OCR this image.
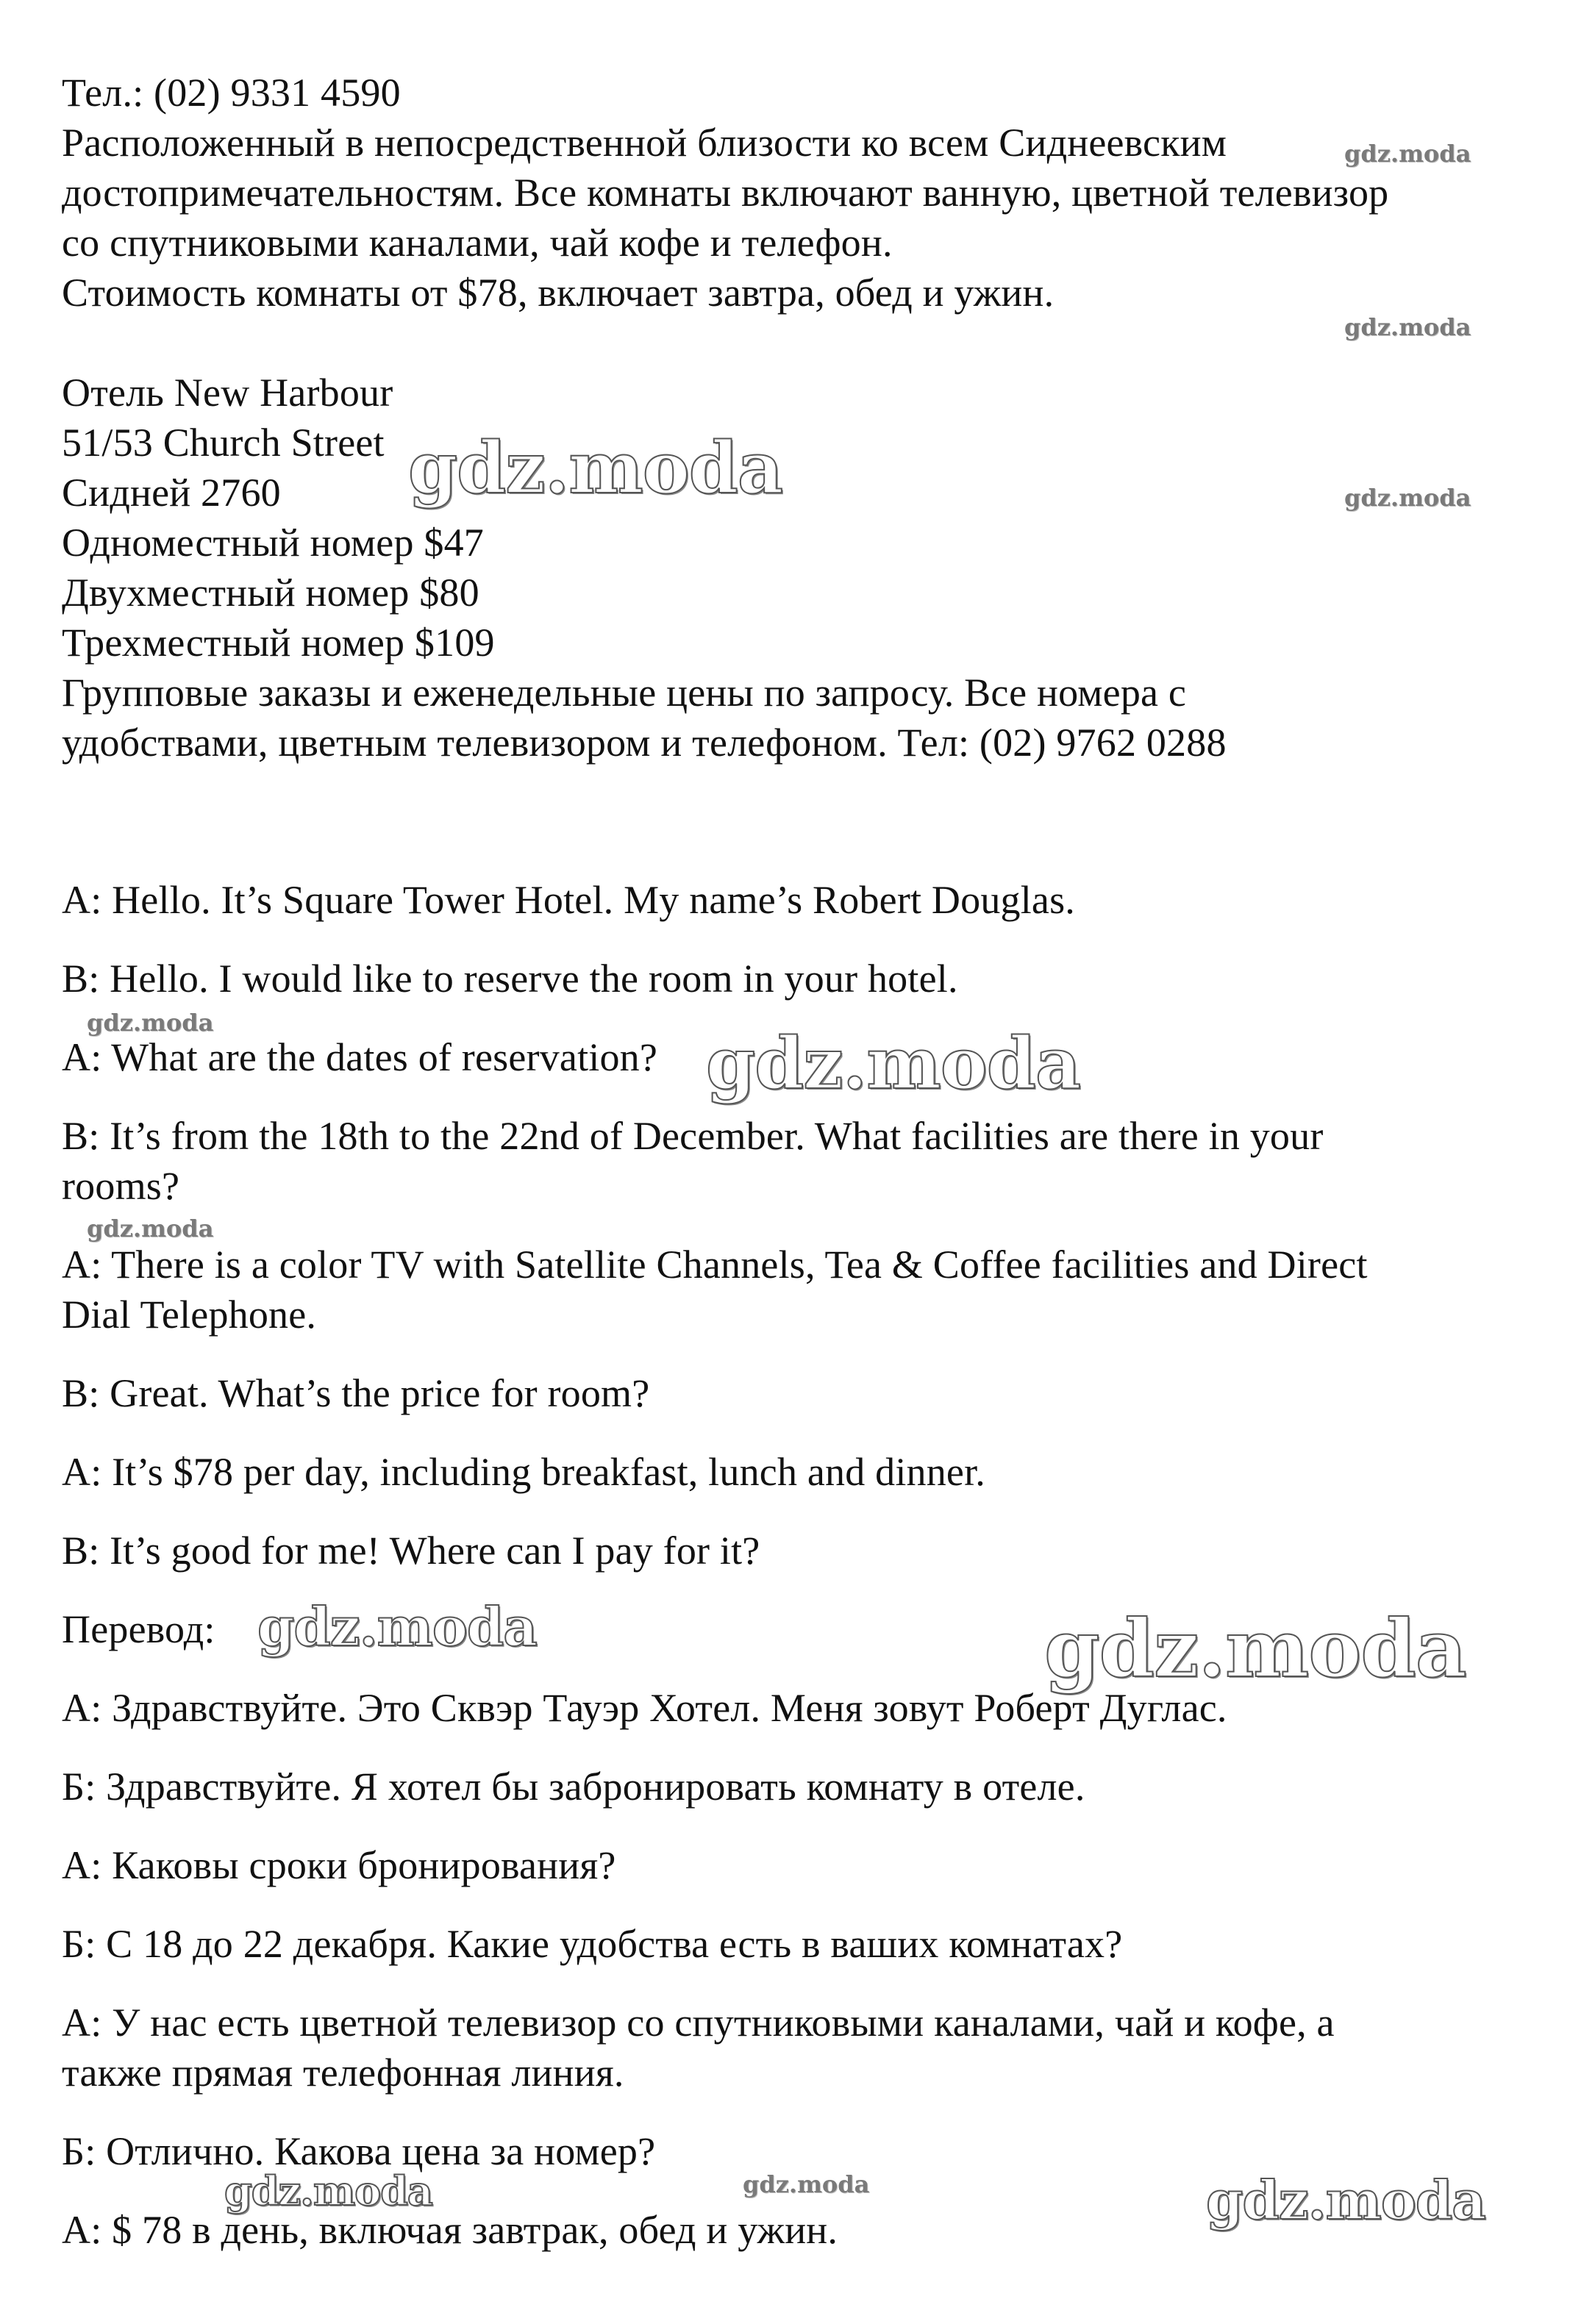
Тел.: (02) 9331 4590
Расположенный в непосредственной близости ко всем Сиднеевским
достопримечательностям. Все комнаты включают ванную, цветной телевизор
со спутниковыми каналами, чай кофе и телефон.
Стоимость комнаты от $78, включает завтра, обед и ужин.
Отель New Harbour
51/53 Church Street
Сидней 2760
Одноместный номер $47
Двухместный номер $80
Трехместный номер $109
Групповые заказы и еженедельные цены по запросу. Все номера с
удобствами, цветным телевизором и телефоном. Тел: (02) 9762 0288
A: Hello. It’s Square Tower Hotel. My name’s Robert Douglas.
B: Hello. I would like to reserve the room in your hotel.
A: What are the dates of reservation?
B: It’s from the 18th to the 22nd of December. What facilities are there in your
rooms?
A: There is a color TV with Satellite Channels, Tea & Coffee facilities and Direct
Dial Telephone.
B: Great. What’s the price for room?
A: It’s $78 per day, including breakfast, lunch and dinner.
B: It’s good for me! Where can I pay for it?
Перевод:
А: Здравствуйте. Это Сквэр Тауэр Хотел. Меня зовут Роберт Дуглас.
Б: Здравствуйте. Я хотел бы забронировать комнату в отеле.
А: Каковы сроки бронирования?
Б: С 18 до 22 декабря. Какие удобства есть в ваших комнатах?
А: У нас есть цветной телевизор со спутниковыми каналами, чай и кофе, а
также прямая телефонная линия.
Б: Отлично. Какова цена за номер?
А: $ 78 в день, включая завтрак, обед и ужин.
gdz.moda
gdz.moda
gdz.moda
gdz.moda
gdz.moda	gdz.moda
gdz.moda
gdz.moda	gdz.moda
gdz.moda	gdz.moda	gdz.moda
